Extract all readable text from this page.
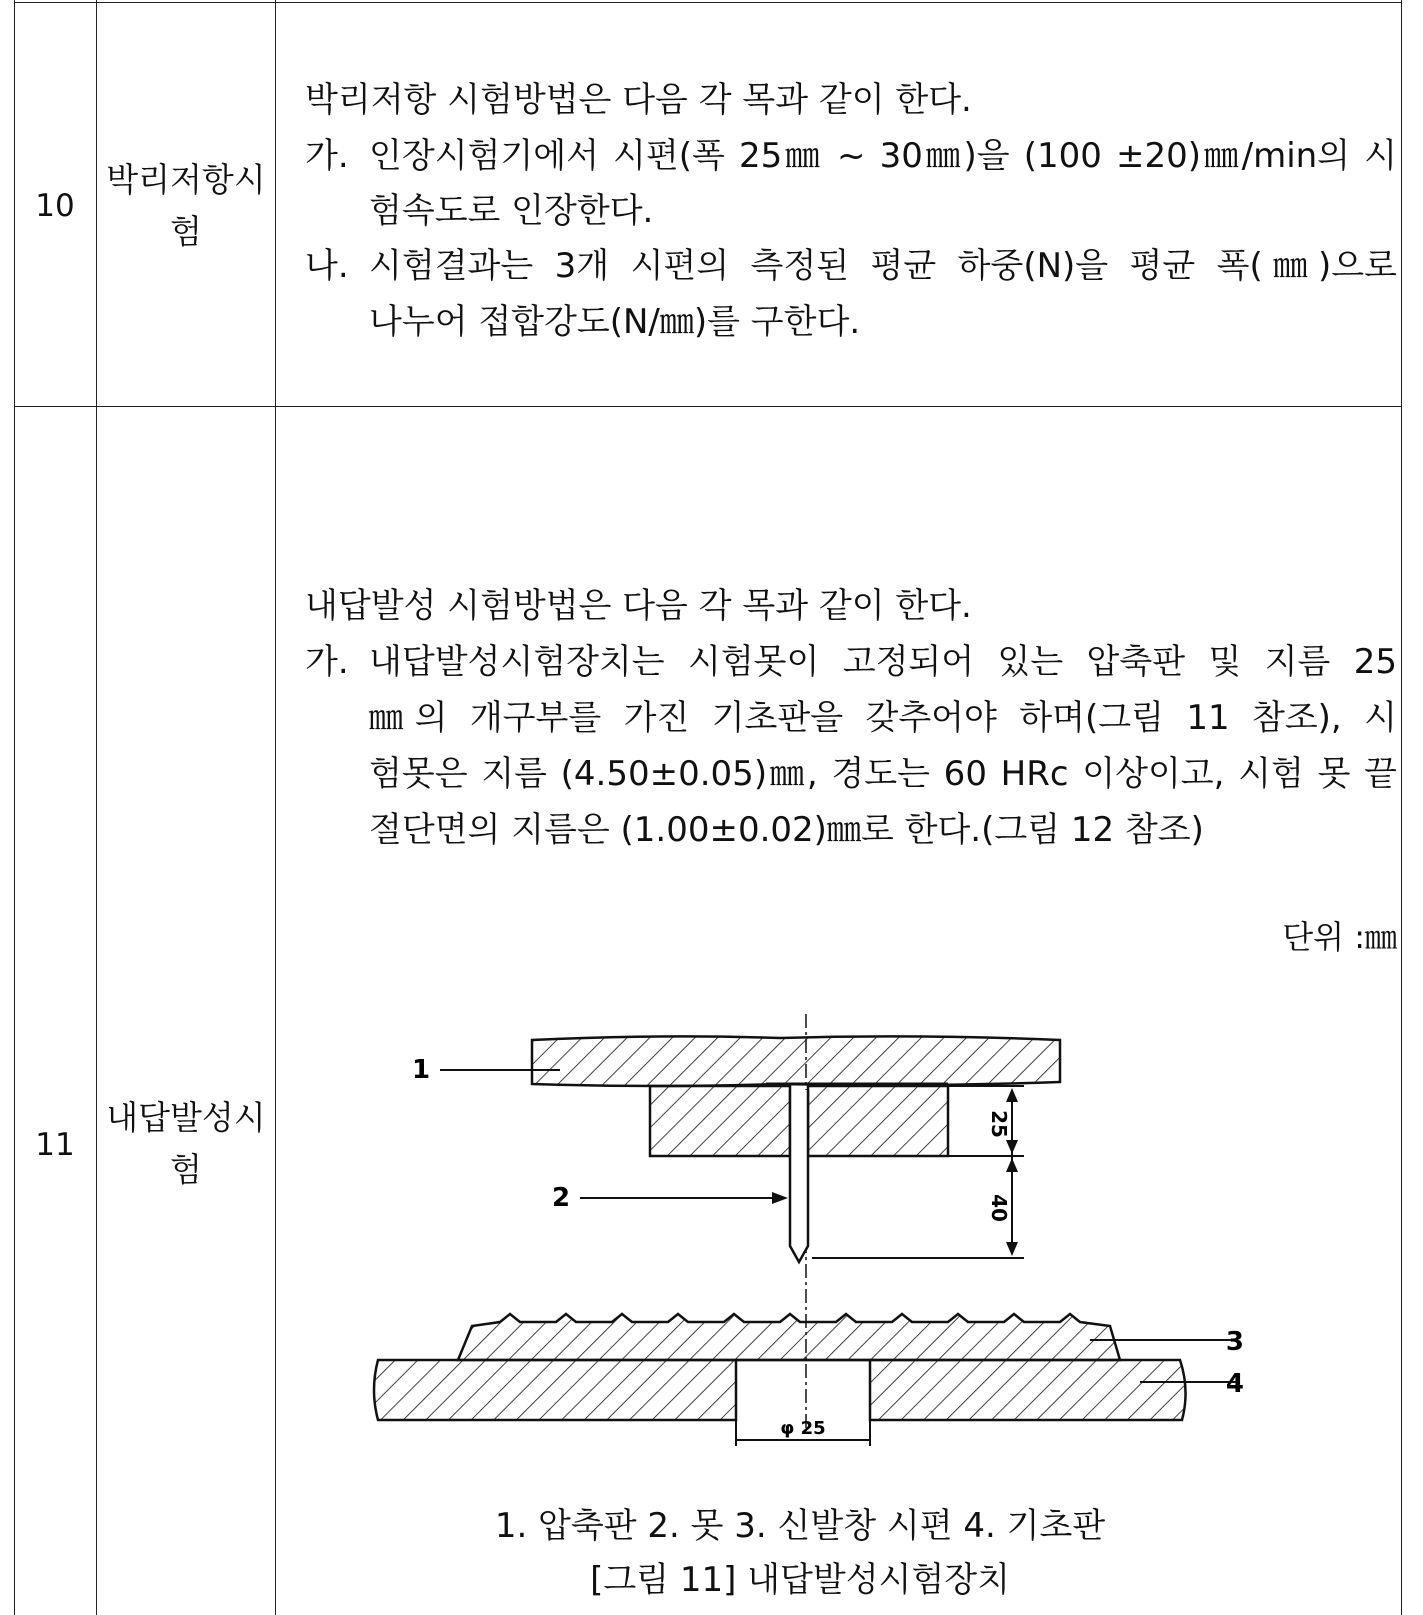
10
박리저항시
험
박리저항 시험방법은 다음 각 목과 같이 한다.
가. 인장시험기에서 시편(폭 25㎜ ~ 30㎜)을 (100 ±20)㎜/min의 시
험속도로 인장한다.
나. 시험결과는 3개 시편의 측정된 평균 하중(N)을 평균 폭(㎜)으로
나누어 접합강도(N/㎜)를 구한다.
11
내답발성시
험
내답발성 시험방법은 다음 각 목과 같이 한다.
가. 내답발성시험장치는 시험못이 고정되어 있는 압축판 및 지름 25
㎜의 개구부를 가진 기초판을 갖추어야 하며(그림 11 참조), 시
험못은 지름 (4.50±0.05)㎜, 경도는 60 HRc 이상이고, 시험 못 끝
절단면의 지름은 (1.00±0.02)㎜로 한다.(그림 12 참조)
단위 :㎜
1
2
25
40
3
4
φ 25
1. 압축판 2. 못 3. 신발창 시편 4. 기초판
[그림 11] 내답발성시험장치
